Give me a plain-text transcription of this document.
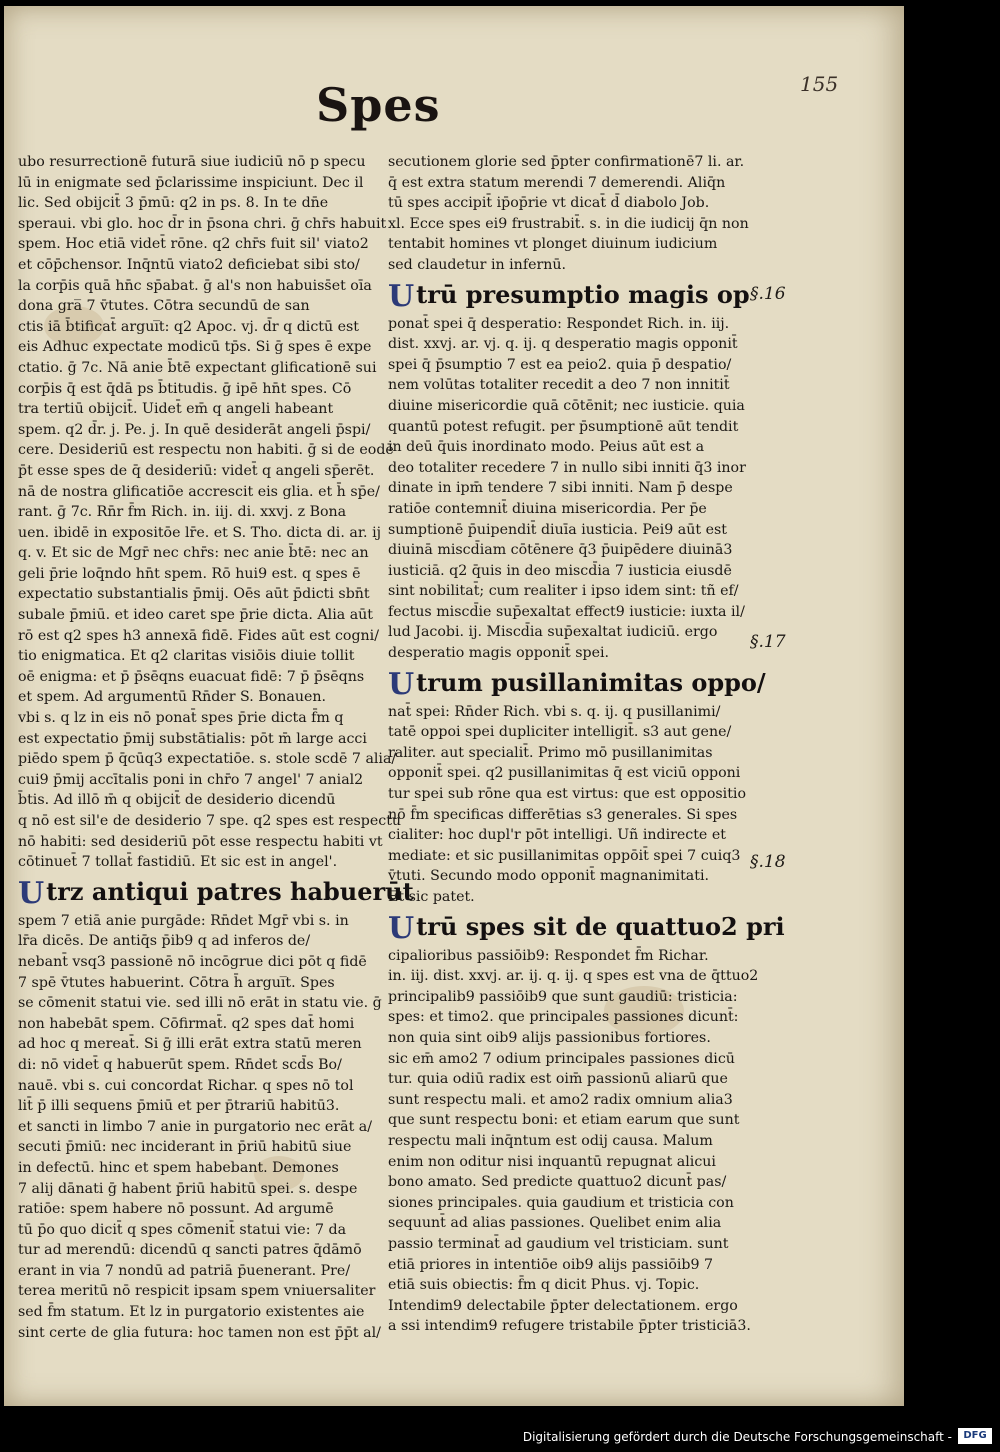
Spes	155
ubo resurrectionē futurā siue iudiciū nō p specu
lū in enigmate sed p̄clarissime inspiciunt. Dec il
lic. Sed obijcit̄ 3 p̄mū: q2 in ps. 8. In te dn̄e
speraui. vbi glo. hoc d̄r in p̄sona chri. ḡ chr̄s habuit
spem. Hoc etiā videt̄ rōne. q2 chr̄s fuit sil' viato2
et cōp̄chensor. Inq̄ntū viato2 deficiebat sibi sto/
la corp̄is quā hn̄c sp̄abat. ḡ al's non habuiss̄et oīa
dona gra̅ 7 v̄tutes. Cōtra secundū de san
ctis iā b̄tificat̄ argui̅t: q2 Apoc. vj. d̄r q dictū est
eis Adhuc expectate modicū tp̄s. Si ḡ spes ē expe
ctatio. ḡ 7c. Nā anie b̄tē expectant glificationē sui
corp̄is q̄ est q̄dā ps b̄titudis. ḡ ipē hn̄t spes. Cō
tra tertiū obijcit̄. Uidet̄ em̄ q angeli habeant
spem. q2 d̄r. j. Pe. j. In quē desiderāt angeli p̄spi/
cere. Desideriū est respectu non habiti. ḡ si de eodē
p̄t esse spes de q̄ desideriū: videt̄ q angeli sp̄erēt.
nā de nostra glificatiōe accrescit eis glia. et h̄ sp̄e/
rant. ḡ 7c. Rn̄r f̄m Rich. in. iij. di. xxvj. z Bona
uen. ibidē in expositōe lr̄e. et S. Tho. dicta di. ar. ij
q. v. Et sic de Mgr̄ nec chr̄s: nec anie b̄tē: nec an
geli p̄rie loq̄ndo hn̄t spem. Rō hui9 est. q spes ē
expectatio substantialis p̄mij. Oēs aūt p̄dicti sbn̄t
subale p̄miū. et ideo caret spe p̄rie dicta. Alia aūt
rō est q2 spes h3 annexā fidē. Fides aūt est cogni/
tio enigmatica. Et q2 claritas visiōis diuie tollit
oē enigma: et p̄ p̄sēqns euacuat fidē: 7 p̄ p̄sēqns
et spem. Ad argumentū Rn̄der S. Bonauen.
vbi s. q lz in eis nō ponat̄ spes p̄rie dicta f̄m q
est expectatio p̄mij substātialis: pōt m̄ large acci
piēdo spem p̄ q̄cūq3 expectatiōe. s. stole scdē 7 alia/
cui9 p̄mij accītalis poni in chr̄o 7 angel' 7 anial2
b̄tis. Ad illō m̄ q obijcit̄ de desiderio dicendū
q nō est sil'e de desiderio 7 spe. q2 spes est respectu
nō habiti: sed desideriū pōt esse respectu habiti vt
cōtinuet̄ 7 tollat̄ fastidiū. Et sic est in angel'.
Utrz antiqui patres habuerūt
spem 7 etiā anie purgāde: Rn̄det Mgr̄ vbi s. in
lr̄a dicēs. De antiq̄s p̄ib9 q ad inferos de/
nebant̄ vsq3 passionē nō incōgrue dici pōt q fidē
7 spē v̄tutes habuerint. Cōtra h̄ argui̅t. Spes
se cōmenit statui vie. sed illi nō erāt in statu vie. ḡ
non habebāt spem. Cōfirmat̄. q2 spes dat̄ homi
ad hoc q mereat̄. Si ḡ illi erāt extra statū meren
di: nō videt̄ q habuerūt spem. Rn̄det scd̄s Bo/
nauē. vbi s. cui concordat Richar. q spes nō tol
lit̄ p̄ illi sequens p̄miū et per p̄trariū habitū3.
et sancti in limbo 7 anie in purgatorio nec erāt a/
secuti p̄miū: nec inciderant in p̄riū habitū siue
in defectū. hinc et spem habebant. Demones
7 alij dānati ḡ habent p̄riū habitū spei. s. despe
ratiōe: spem habere nō possunt. Ad argumē
tū p̄o quo dicit̄ q spes cōmenit̄ statui vie: 7 da
tur ad merendū: dicendū q sancti patres q̄dāmō
erant in via 7 nondū ad patriā p̄uenerant. Pre/
terea meritū nō respicit ipsam spem vniuersaliter
sed f̄m statum. Et lz in purgatorio existentes aie
sint certe de glia futura: hoc tamen non est p̄p̄t al/
secutionem glorie sed p̄pter confirmationē7 li. ar.
q̄ est extra statum merendi 7 demerendi. Aliq̄n
tū spes accipit̄ ip̄op̄rie vt dicat̄ d̄ diabolo Job.
xl. Ecce spes ei9 frustrabit̄. s. in die iudicij q̄n non
tentabit homines vt plonget diuinum iudicium
sed claudetur in infernū.
Utrū presumptio magis op
ponat̄ spei q̄ desperatio: Respondet Rich. in. iij.
dist. xxvj. ar. vj. q. ij. q desperatio magis opponit̄
spei q̄ p̄sumptio 7 est ea peio2. quia p̄ despatio/
nem volūtas totaliter recedit a deo 7 non innitit̄
diuine misericordie quā cōtēnit; nec iusticie. quia
quantū potest refugit. per p̄sumptionē aūt tendit
in deū q̄uis inordinato modo. Peius aūt est a
deo totaliter recedere 7 in nullo sibi inniti q̄3 inor
dinate in ipm̄ tendere 7 sibi inniti. Nam p̄ despe
ratiōe contemnit̄ diuina misericordia. Per p̄e
sumptionē p̄uipendit̄ diuīa iusticia. Pei9 aūt est
diuinā miscd̄iam cōtēnere q̄3 p̄uipēdere diuinā3
iusticiā. q2 q̄uis in deo miscd̄ia 7 iusticia eiusdē
sint nobilitat̄; cum realiter i ipso idem sint: tñ ef/
fectus miscd̄ie sup̄exaltat effect9 iusticie: iuxta il/
lud Jacobi. ij. Miscd̄ia sup̄exaltat iudiciū. ergo
desperatio magis opponit̄ spei.
Utrum pusillanimitas oppo/
nat̄ spei: Rn̄der Rich. vbi s. q. ij. q pusillanimi/
tatē oppoi spei dupliciter intelligit̄. s3 aut gene/
raliter. aut specialit̄. Primo mō pusillanimitas
opponit̄ spei. q2 pusillanimitas q̄ est viciū opponi
tur spei sub rōne qua est virtus: que est oppositio
nō f̄m specificas differētias s3 generales. Si spes
cialiter: hoc dupl'r pōt intelligi. Uñ indirecte et
mediate: et sic pusillanimitas oppōit̄ spei 7 cuiq3
v̄tuti. Secundo modo opponit̄ magnanimitati.
Et sic patet.
Utrū spes sit de quattuo2 pri
cipalioribus passiōib9: Respondet f̄m Richar.
in. iij. dist. xxvj. ar. ij. q. ij. q spes est vna de q̄ttuo2
principalib9 passiōib9 que sunt gaudiū: tristicia:
spes: et timo2. que principales passiones dicunt̄:
non quia sint oib9 alijs passionibus fortiores.
sic em̄ amo2 7 odium principales passiones dicū
tur. quia odiū radix est oim̄ passionū aliarū que
sunt respectu mali. et amo2 radix omnium alia3
que sunt respectu boni: et etiam earum que sunt
respectu mali inq̄ntum est odij causa. Malum
enim non oditur nisi inquantū repugnat alicui
bono amato. Sed predicte quattuo2 dicunt̄ pas/
siones principales. quia gaudium et tristicia con
sequunt̄ ad alias passiones. Quelibet enim alia
passio terminat̄ ad gaudium vel tristiciam. sunt
etiā priores in intentiōe oib9 alijs passiōib9 7
etiā suis obiectis: f̄m q dicit Phus. vj. Topic.
Intendim9 delectabile p̄pter delectationem. ergo
a ssi intendim9 refugere tristabile p̄pter tristiciā3.
§.16
§.17
§.18
Digitalisierung gefördert durch die Deutsche Forschungsgemeinschaft -	DFG
